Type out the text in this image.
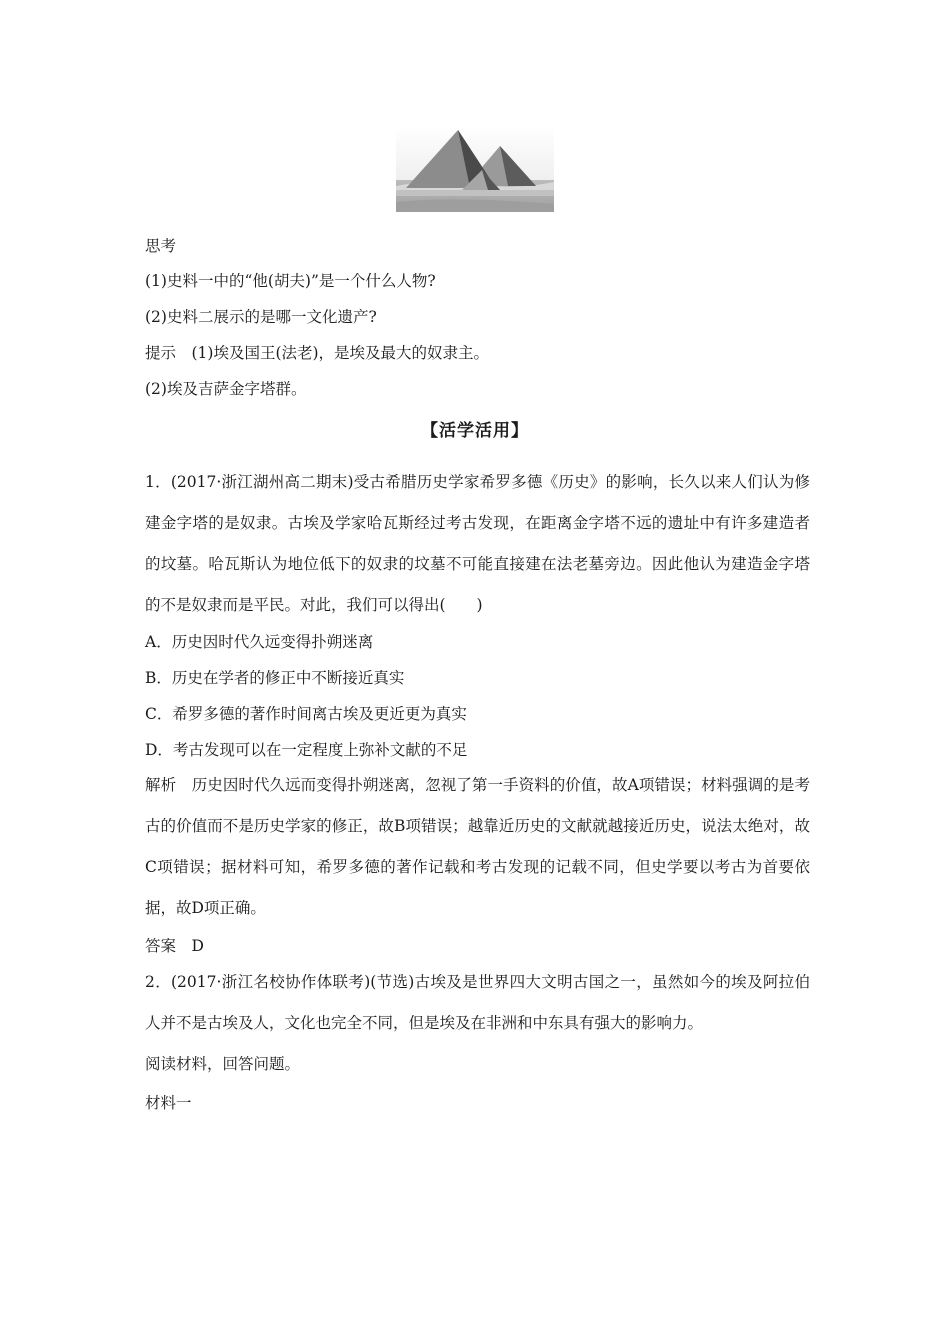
思考
(1)史料一中的“他(胡夫)”是一个什么人物?
(2)史料二展示的是哪一文化遗产?
提示　(1)埃及国王(法老)，是埃及最大的奴隶主。
(2)埃及吉萨金字塔群。
【活学活用】
1．(2017·浙江湖州高二期末)受古希腊历史学家希罗多德《历史》的影响，长久以来人们认为修建金字塔的是奴隶。古埃及学家哈瓦斯经过考古发现，在距离金字塔不远的遗址中有许多建造者的坟墓。哈瓦斯认为地位低下的奴隶的坟墓不可能直接建在法老墓旁边。因此他认为建造金字塔的不是奴隶而是平民。对此，我们可以得出(　　)
A．历史因时代久远变得扑朔迷离
B．历史在学者的修正中不断接近真实
C．希罗多德的著作时间离古埃及更近更为真实
D．考古发现可以在一定程度上弥补文献的不足
解析　历史因时代久远而变得扑朔迷离，忽视了第一手资料的价值，故A项错误；材料强调的是考古的价值而不是历史学家的修正，故B项错误；越靠近历史的文献就越接近历史，说法太绝对，故C项错误；据材料可知，希罗多德的著作记载和考古发现的记载不同，但史学要以考古为首要依据，故D项正确。
答案　D
2．(2017·浙江名校协作体联考)(节选)古埃及是世界四大文明古国之一，虽然如今的埃及阿拉伯人并不是古埃及人，文化也完全不同，但是埃及在非洲和中东具有强大的影响力。
阅读材料，回答问题。
材料一
